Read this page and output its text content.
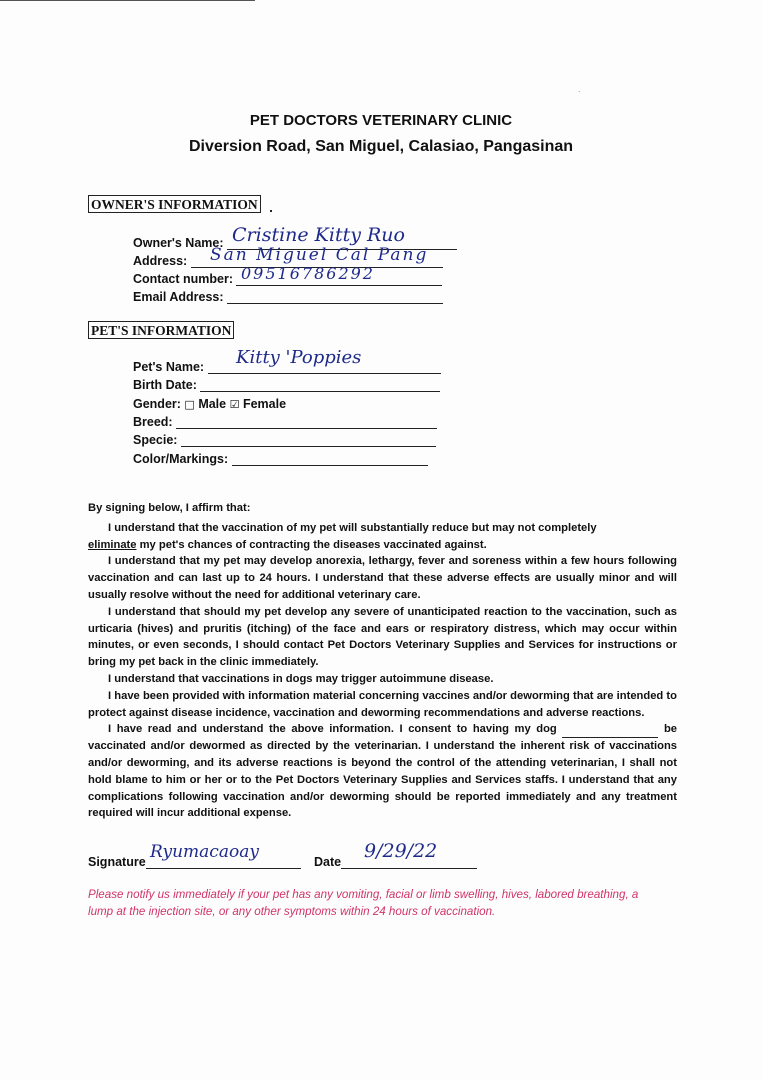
.
PET DOCTORS VETERINARY CLINIC
Diversion Road, San Miguel, Calasiao, Pangasinan
OWNER'S INFORMATION
Owner's Name: Cristine Kitty Ruo
Address:	San Miguel Cal Pang
Contact number: 09516786292
Email Address:
PET'S INFORMATION
Pet's Name:	Kitty 'Poppies
Birth Date:
Gender: □ Male ☑ Female
Breed:
Specie:
Color/Markings:

By signing below, I affirm that:

I understand that the vaccination of my pet will substantially reduce but may not completely
eliminate my pet's chances of contracting the diseases vaccinated against.

I understand that my pet may develop anorexia, lethargy, fever and soreness within a few hours following vaccination and can last up to 24 hours. I understand that these adverse effects are usually minor and will usually resolve without the need for additional veterinary care.

I understand that should my pet develop any severe of unanticipated reaction to the vaccination, such as urticaria (hives) and pruritis (itching) of the face and ears or respiratory distress, which may occur within minutes, or even seconds, I should contact Pet Doctors Veterinary Supplies and Services for instructions or bring my pet back in the clinic immediately.

I understand that vaccinations in dogs may trigger autoimmune disease.

I have been provided with information material concerning vaccines and/or deworming that are intended to protect against disease incidence, vaccination and deworming recommendations and adverse reactions.

I have read and understand the above information. I consent to having my dog	be vaccinated and/or dewormed as directed by the veterinarian. I understand the inherent risk of vaccinations and/or deworming, and its adverse reactions is beyond the control of the attending veterinarian, I shall not hold blame to him or her or to the Pet Doctors Veterinary Supplies and Services staffs. I understand that any complications following vaccination and/or deworming should be reported immediately and any treatment required will incur additional expense.

Signature Ryumacaoay	Date	9/29/22
Please notify us immediately if your pet has any vomiting, facial or limb swelling, hives, labored breathing, a lump at the injection site, or any other symptoms within 24 hours of vaccination.
